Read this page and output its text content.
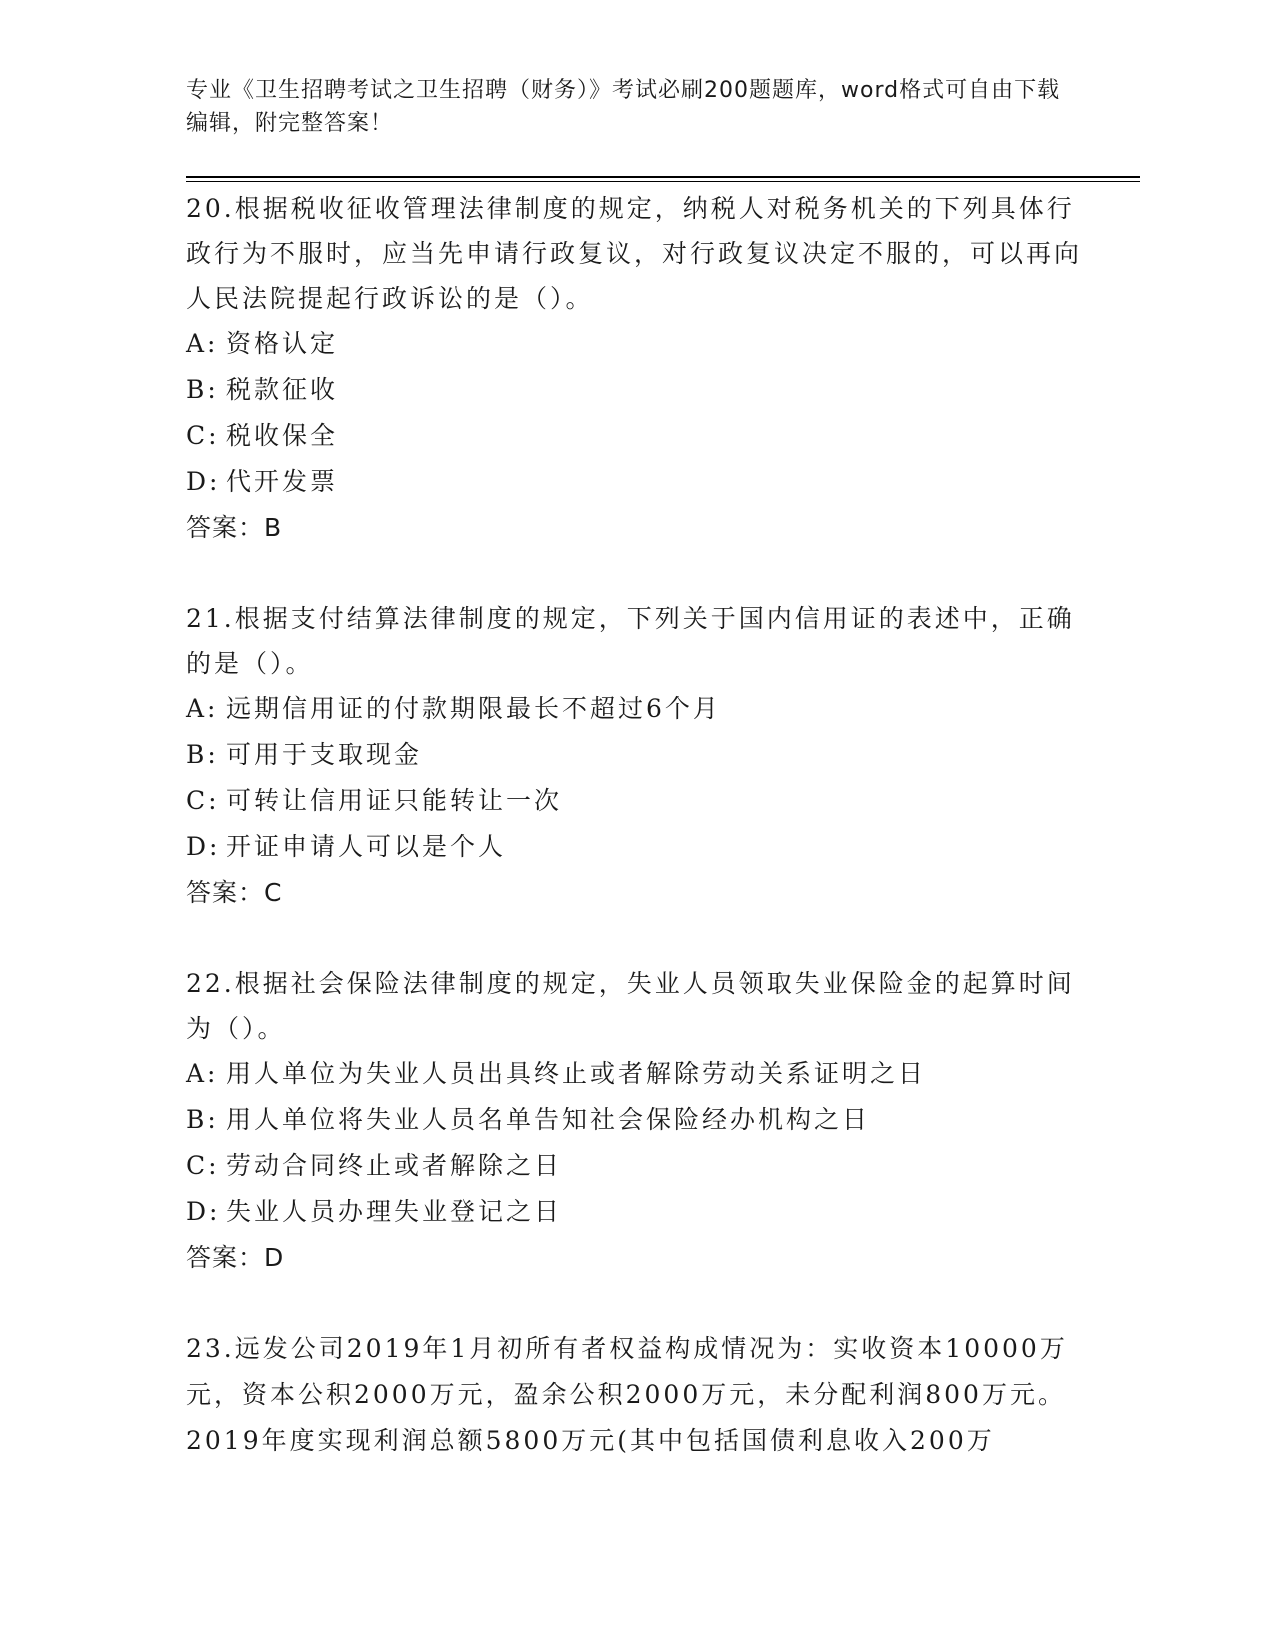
专业《卫生招聘考试之卫生招聘（财务）》考试必刷200题题库，word格式可自由下载编辑，附完整答案！

20.根据税收征收管理法律制度的规定，纳税人对税务机关的下列具体行政行为不服时，应当先申请行政复议，对行政复议决定不服的，可以再向人民法院提起行政诉讼的是（）。

A: 资格认定

B: 税款征收

C: 税收保全

D: 代开发票

答案：B

21.根据支付结算法律制度的规定，下列关于国内信用证的表述中，正确的是（）。

A: 远期信用证的付款期限最长不超过6个月

B: 可用于支取现金

C: 可转让信用证只能转让一次

D: 开证申请人可以是个人

答案：C

22.根据社会保险法律制度的规定，失业人员领取失业保险金的起算时间为（）。

A: 用人单位为失业人员出具终止或者解除劳动关系证明之日

B: 用人单位将失业人员名单告知社会保险经办机构之日

C: 劳动合同终止或者解除之日

D: 失业人员办理失业登记之日

答案：D

23.远发公司2019年1月初所有者权益构成情况为：实收资本10000万元，资本公积2000万元，盈余公积2000万元，未分配利润800万元。2019年度实现利润总额5800万元(其中包括国债利息收入200万
